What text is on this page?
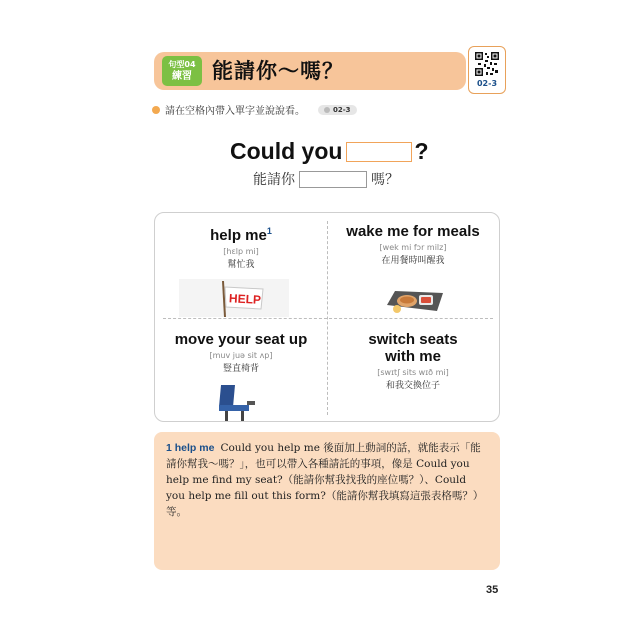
句型04
練習 能請你～嗎？
02-3
請在空格內帶入單字並說說看。	02-3
Could you	?
能請你	嗎？
help $me^1$
[hɛlp mi]
幫忙我
wake me for meals
[wek mi fɔr milz]
在用餐時叫醒我
move your seat up
[muv juə sit ʌp]
豎直椅背
switch seats
with me
[swɪtʃ sits wɪð mi]
和我交換位子
HELP

1 help me Could you help me 後面加上動詞的話，就能表示「能請你幫我～嗎？」，也可以帶入各種請託的事項，像是 Could you help me find my seat?（能請你幫我找我的座位嗎？）、Could you help me fill out this form?（能請你幫我填寫這張表格嗎？）等。

35
